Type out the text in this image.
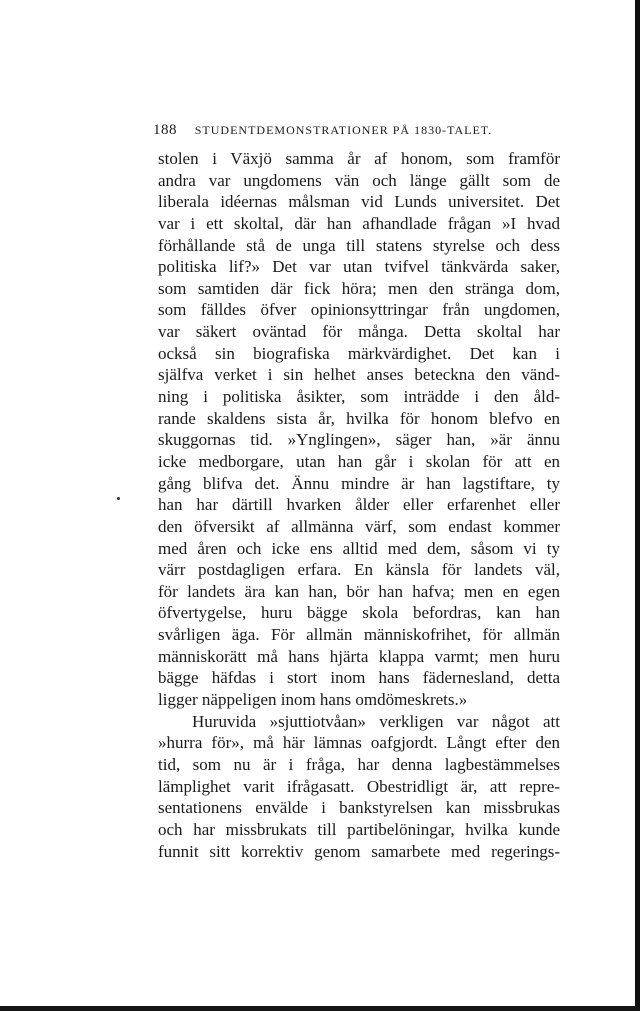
188 STUDENTDEMONSTRATIONER PÅ 1830-TALET.
stolen i Växjö samma år af honom, som framför
andra var ungdomens vän och länge gällt som de
liberala idéernas målsman vid Lunds universitet. Det
var i ett skoltal, där han afhandlade frågan »I hvad
förhållande stå de unga till statens styrelse och dess
politiska lif?» Det var utan tvifvel tänkvärda saker,
som samtiden där fick höra; men den stränga dom,
som fälldes öfver opinionsyttringar från ungdomen,
var säkert oväntad för många. Detta skoltal har
också sin biografiska märkvärdighet. Det kan i
själfva verket i sin helhet anses beteckna den vänd-
ning i politiska åsikter, som inträdde i den åld-
rande skaldens sista år, hvilka för honom blefvo en
skuggornas tid. »Ynglingen», säger han, »är ännu
icke medborgare, utan han går i skolan för att en
gång blifva det. Ännu mindre är han lagstiftare, ty
han har därtill hvarken ålder eller erfarenhet eller
den öfversikt af allmänna värf, som endast kommer
med åren och icke ens alltid med dem, såsom vi ty
värr postdagligen erfara. En känsla för landets väl,
för landets ära kan han, bör han hafva; men en egen
öfvertygelse, huru bägge skola befordras, kan han
svårligen äga. För allmän människofrihet, för allmän
människorätt må hans hjärta klappa varmt; men huru
bägge häfdas i stort inom hans fädernesland, detta
ligger näppeligen inom hans omdömeskrets.»
Huruvida »sjuttiotvåan» verkligen var något att
»hurra för», må här lämnas oafgjordt. Långt efter den
tid, som nu är i fråga, har denna lagbestämmelses
lämplighet varit ifrågasatt. Obestridligt är, att repre-
sentationens envälde i bankstyrelsen kan missbrukas
och har missbrukats till partibelöningar, hvilka kunde
funnit sitt korrektiv genom samarbete med regerings-
